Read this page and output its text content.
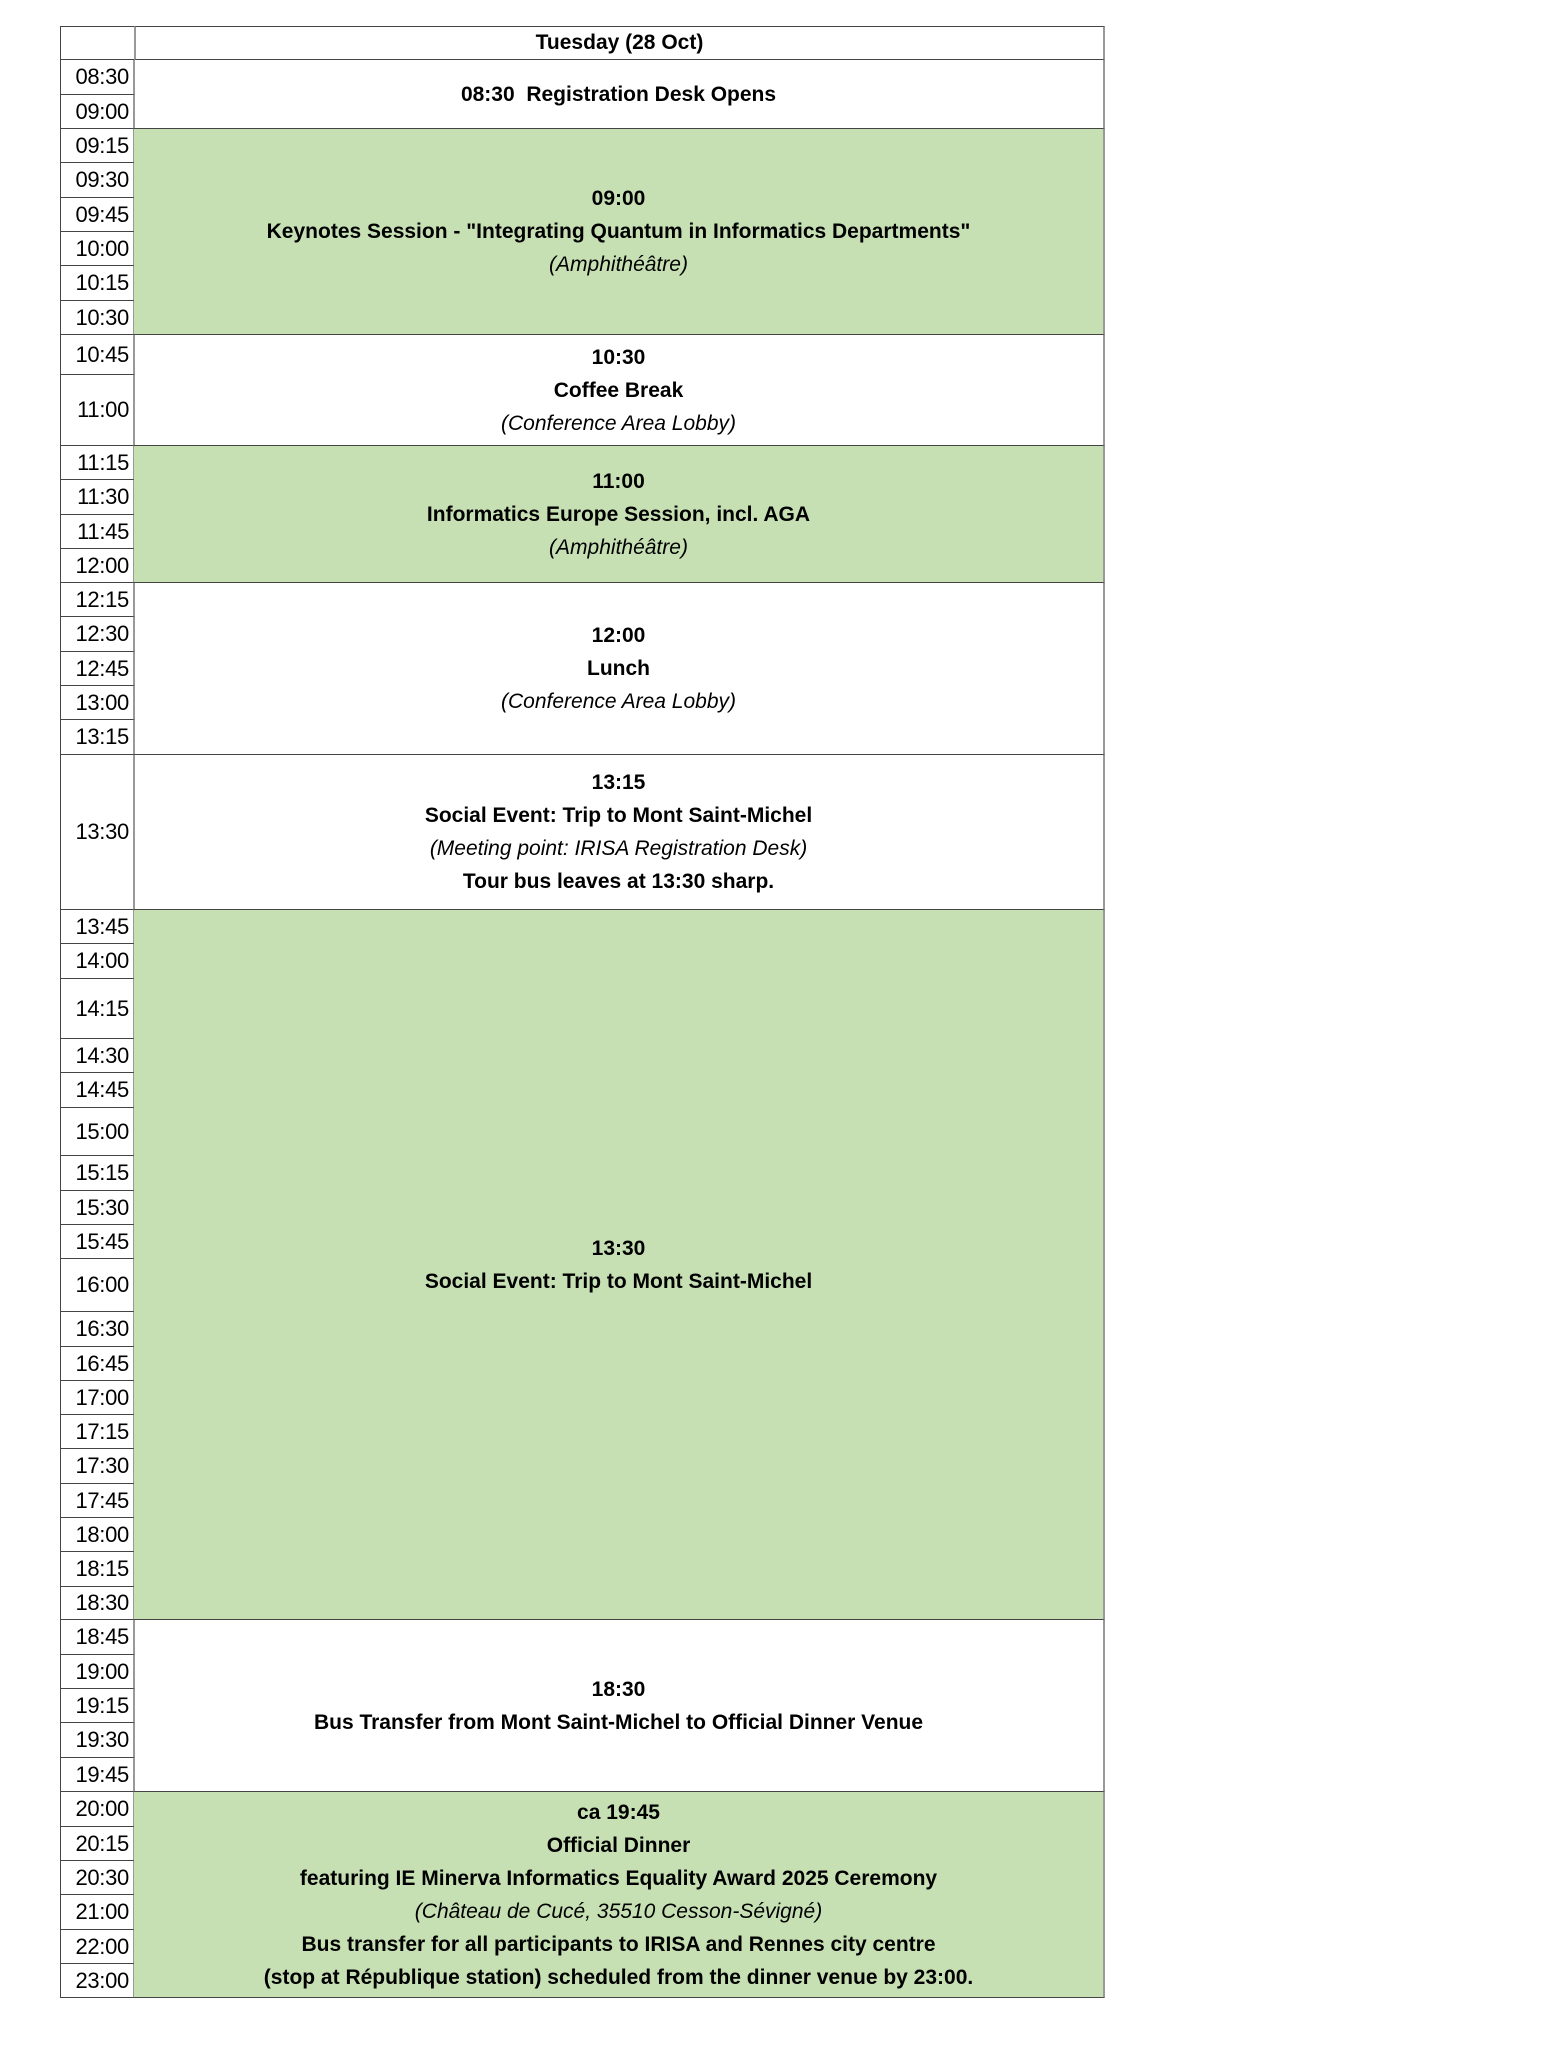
Tuesday (28 Oct)
08:30
09:00
09:15
09:30
09:45
10:00
10:15
10:30
10:45
11:00
11:15
11:30
11:45
12:00
12:15
12:30
12:45
13:00
13:15
13:30
13:45
14:00
14:15
14:30
14:45
15:00
15:15
15:30
15:45
16:00
16:30
16:45
17:00
17:15
17:30
17:45
18:00
18:15
18:30
18:45
19:00
19:15
19:30
19:45
20:00
20:15
20:30
21:00
22:00
23:00
08:30  Registration Desk Opens
09:00
Keynotes Session - "Integrating Quantum in Informatics Departments"
(Amphithéâtre)
10:30
Coffee Break
(Conference Area Lobby)
11:00
Informatics Europe Session, incl. AGA
(Amphithéâtre)
12:00
Lunch
(Conference Area Lobby)
13:15
Social Event: Trip to Mont Saint-Michel
(Meeting point: IRISA Registration Desk)
Tour bus leaves at 13:30 sharp.
13:30
Social Event: Trip to Mont Saint-Michel
18:30
Bus Transfer from Mont Saint-Michel to Official Dinner Venue
ca 19:45
Official Dinner
featuring IE Minerva Informatics Equality Award 2025 Ceremony
(Château de Cucé, 35510 Cesson-Sévigné)
Bus transfer for all participants to IRISA and Rennes city centre
(stop at République station) scheduled from the dinner venue by 23:00.
